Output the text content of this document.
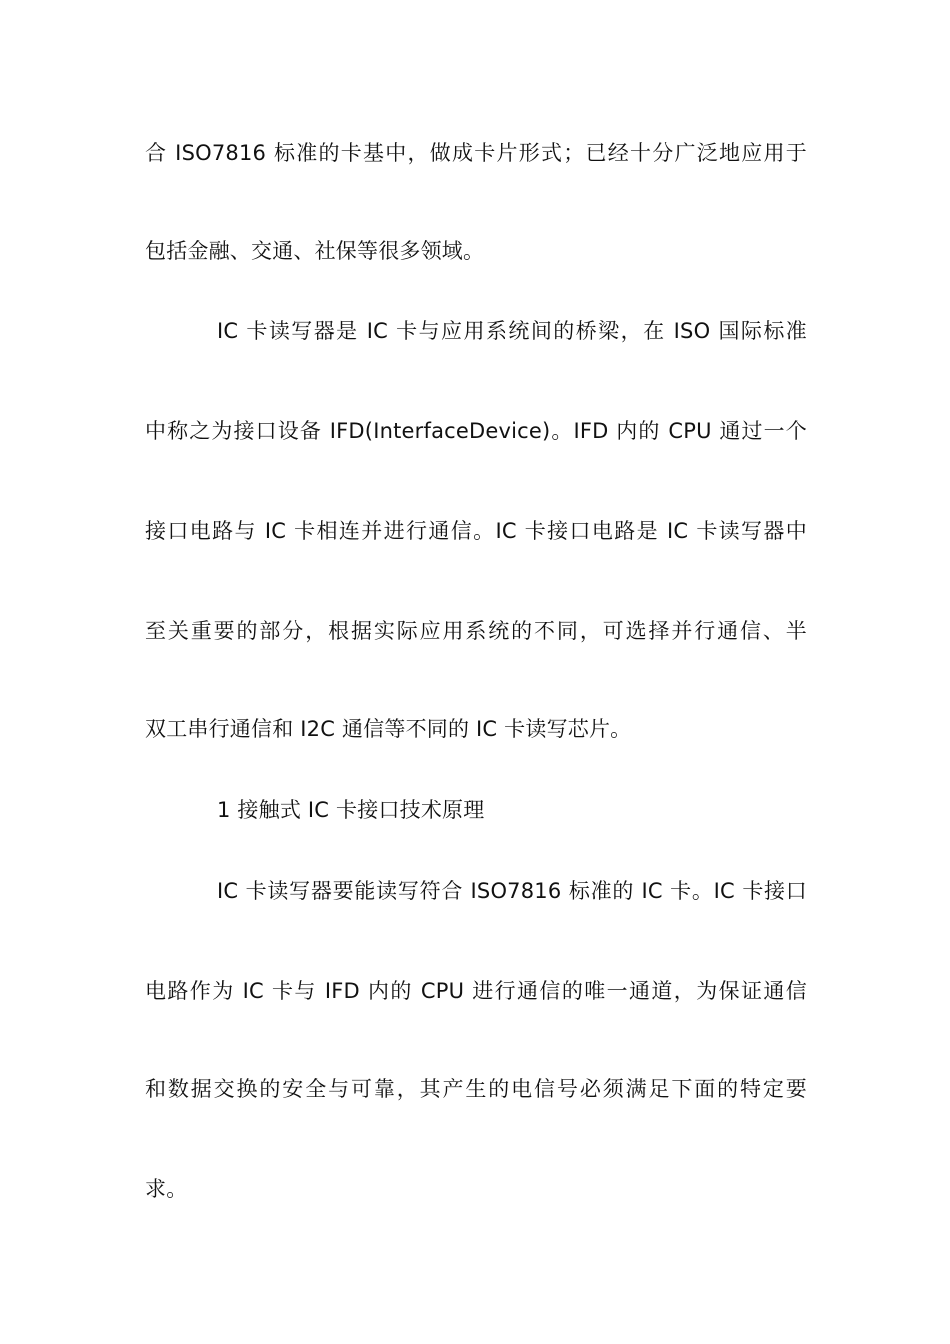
合 ISO7816 标准的卡基中，做成卡片形式；已经十分广泛地应用于
包括金融、交通、社保等很多领域。
IC 卡读写器是 IC 卡与应用系统间的桥梁，在 ISO 国际标准
中称之为接口设备 IFD(InterfaceDevice)。IFD 内的 CPU 通过一个
接口电路与 IC 卡相连并进行通信。IC 卡接口电路是 IC 卡读写器中
至关重要的部分，根据实际应用系统的不同，可选择并行通信、半
双工串行通信和 I2C 通信等不同的 IC 卡读写芯片。
1 接触式 IC 卡接口技术原理
IC 卡读写器要能读写符合 ISO7816 标准的 IC 卡。IC 卡接口
电路作为 IC 卡与 IFD 内的 CPU 进行通信的唯一通道，为保证通信
和数据交换的安全与可靠，其产生的电信号必须满足下面的特定要
求。
